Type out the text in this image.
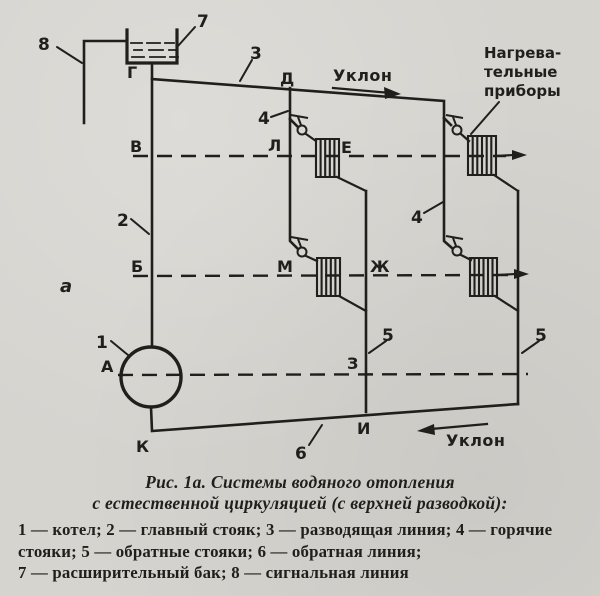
Г	Д
В	Л	Е
Б	М	Ж
А	З
К
И
а
1
2
3
4
4
5	5
6
7
8
Уклон
Уклон
Нагрева-
тельные
приборы
Рис. 1а. Системы водяного отопления
с естественной циркуляцией (с верхней разводкой):
1 — котел; 2 — главный стояк; 3 — разводящая линия; 4 — горячие
стояки; 5 — обратные стояки; 6 — обратная линия;
7 — расширительный бак; 8 — сигнальная линия
